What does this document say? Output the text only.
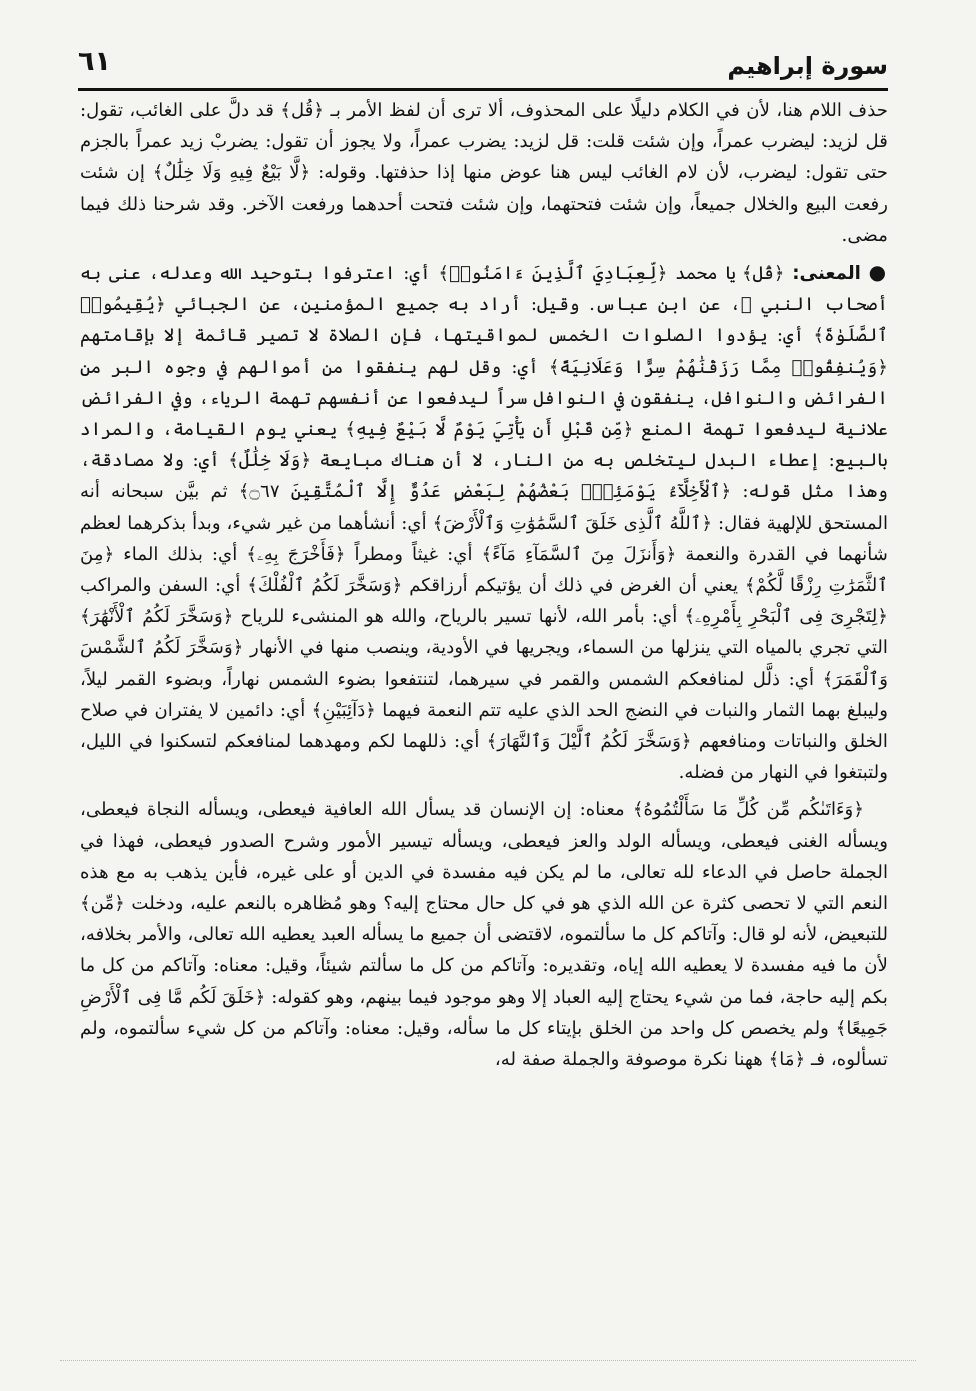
سورة إبراهيم
٦١

حذف اللام هنا، لأن في الكلام دليلًا على المحذوف، ألا ترى أن لفظ الأمر بـ ﴿قُل﴾ قد دلَّ على الغائب، تقول: قل لزيد: ليضرب عمراً، وإن شئت قلت: قل لزيد: يضرب عمراً، ولا يجوز أن تقول: يضربْ زيد عمراً بالجزم حتى تقول: ليضرب، لأن لام الغائب ليس هنا عوض منها إذا حذفتها. وقوله: ﴿لَّا بَيْعٌ فِيهِ وَلَا خِلَٰلٌ﴾ إن شئت رفعت البيع والخلال جميعاً، وإن شئت فتحتهما، وإن شئت فتحت أحدهما ورفعت الآخر. وقد شرحنا ذلك فيما مضى.

● المعنى: ﴿قُل﴾ يا محمد ﴿لِّعِبَادِيَ ٱلَّذِينَ ءَامَنُوا۟﴾ أي: اعترفوا بتوحيد الله وعدله، عنى به أصحاب النبي ﷺ، عن ابن عباس. وقيل: أراد به جميع المؤمنين، عن الجبائي ﴿يُقِيمُوا۟ ٱلصَّلَوٰةَ﴾ أي: يؤدوا الصلوات الخمس لمواقيتها، فإن الصلاة لا تصير قائمة إلا بإقامتهم ﴿وَيُنفِقُوا۟ مِمَّا رَزَقْنَٰهُمْ سِرًّا وَعَلَانِيَةً﴾ أي: وقل لهم ينفقوا من أموالهم في وجوه البر من الفرائض والنوافل، ينفقون في النوافل سراً ليدفعوا عن أنفسهم تهمة الرياء، وفي الفرائض علانية ليدفعوا تهمة المنع ﴿مِّن قَبْلِ أَن يَأْتِيَ يَوْمٌ لَّا بَيْعٌ فِيهِ﴾ يعني يوم القيامة، والمراد بالبيع: إعطاء البدل ليتخلص به من النار، لا أن هناك مبايعة ﴿وَلَا خِلَٰلٌ﴾ أي: ولا مصادقة، وهذا مثل قوله: ﴿ٱلْأَخِلَّآءُ يَوْمَئِذٍۭ بَعْضُهُمْ لِبَعْضٍ عَدُوٌّ إِلَّا ٱلْمُتَّقِينَ ۝٦٧﴾ ثم بيَّن سبحانه أنه المستحق للإلهية فقال: ﴿ٱللَّهُ ٱلَّذِى خَلَقَ ٱلسَّمَٰوَٰتِ وَٱلْأَرْضَ﴾ أي: أنشأهما من غير شيء، وبدأ بذكرهما لعظم شأنهما في القدرة والنعمة ﴿وَأَنزَلَ مِنَ ٱلسَّمَآءِ مَآءً﴾ أي: غيثاً ومطراً ﴿فَأَخْرَجَ بِهِۦ﴾ أي: بذلك الماء ﴿مِنَ ٱلثَّمَرَٰتِ رِزْقًا لَّكُمْ﴾ يعني أن الغرض في ذلك أن يؤتيكم أرزاقكم ﴿وَسَخَّرَ لَكُمُ ٱلْفُلْكَ﴾ أي: السفن والمراكب ﴿لِتَجْرِىَ فِى ٱلْبَحْرِ بِأَمْرِهِۦ﴾ أي: بأمر الله، لأنها تسير بالرياح، والله هو المنشىء للرياح ﴿وَسَخَّرَ لَكُمُ ٱلْأَنْهَٰرَ﴾ التي تجري بالمياه التي ينزلها من السماء، ويجريها في الأودية، وينصب منها في الأنهار ﴿وَسَخَّرَ لَكُمُ ٱلشَّمْسَ وَٱلْقَمَرَ﴾ أي: ذلَّل لمنافعكم الشمس والقمر في سيرهما، لتنتفعوا بضوء الشمس نهاراً، وبضوء القمر ليلاً، وليبلغ بهما الثمار والنبات في النضج الحد الذي عليه تتم النعمة فيهما ﴿دَآئِبَيْنِ﴾ أي: دائمين لا يفتران في صلاح الخلق والنباتات ومنافعهم ﴿وَسَخَّرَ لَكُمُ ٱلَّيْلَ وَٱلنَّهَارَ﴾ أي: ذللهما لكم ومهدهما لمنافعكم لتسكنوا في الليل، ولتبتغوا في النهار من فضله.

﴿وَءَاتَىٰكُم مِّن كُلِّ مَا سَأَلْتُمُوهُ﴾ معناه: إن الإنسان قد يسأل الله العافية فيعطى، ويسأله النجاة فيعطى، ويسأله الغنى فيعطى، ويسأله الولد والعز فيعطى، ويسأله تيسير الأمور وشرح الصدور فيعطى، فهذا في الجملة حاصل في الدعاء لله تعالى، ما لم يكن فيه مفسدة في الدين أو على غيره، فأين يذهب به مع هذه النعم التي لا تحصى كثرة عن الله الذي هو في كل حال محتاج إليه؟ وهو مُظاهره بالنعم عليه، ودخلت ﴿مِّن﴾ للتبعيض، لأنه لو قال: وآتاكم كل ما سألتموه، لاقتضى أن جميع ما يسأله العبد يعطيه الله تعالى، والأمر بخلافه، لأن ما فيه مفسدة لا يعطيه الله إياه، وتقديره: وآتاكم من كل ما سألتم شيئاً، وقيل: معناه: وآتاكم من كل ما بكم إليه حاجة، فما من شيء يحتاج إليه العباد إلا وهو موجود فيما بينهم، وهو كقوله: ﴿خَلَقَ لَكُم مَّا فِى ٱلْأَرْضِ جَمِيعًا﴾ ولم يخصص كل واحد من الخلق بإيتاء كل ما سأله، وقيل: معناه: وآتاكم من كل شيء سألتموه، ولم تسألوه، فـ ﴿مَا﴾ ههنا نكرة موصوفة والجملة صفة له،
